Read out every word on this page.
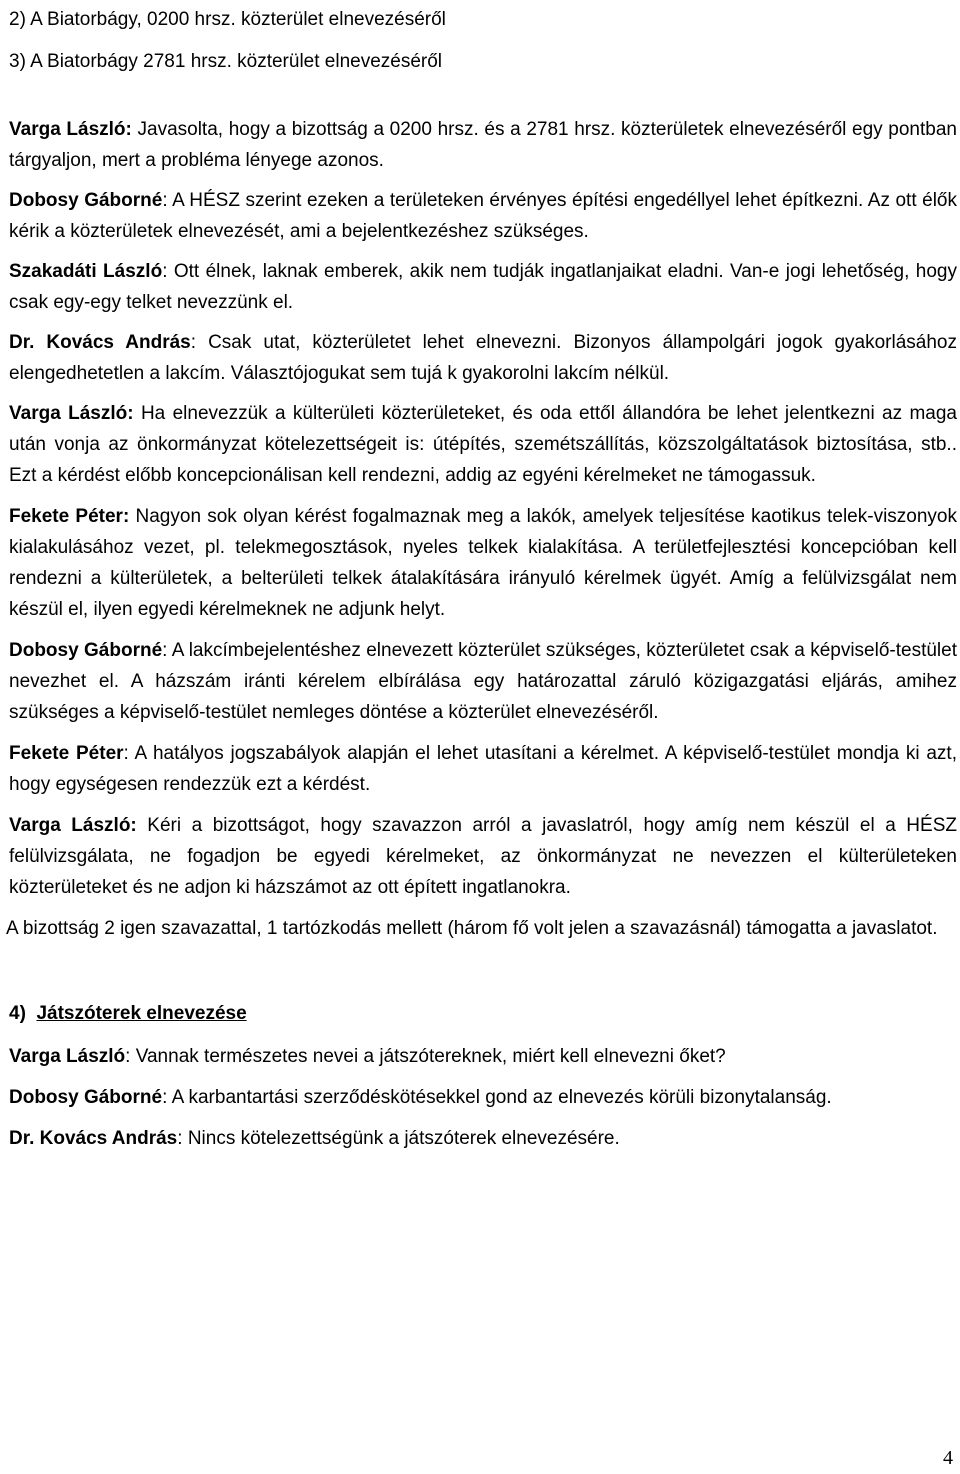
2) A Biatorbágy, 0200 hrsz. közterület elnevezéséről

3) A Biatorbágy 2781 hrsz. közterület elnevezéséről

Varga László: Javasolta, hogy a bizottság a 0200 hrsz. és a 2781 hrsz. közterületek elnevezéséről egy pontban tárgyaljon, mert a probléma lényege azonos.

Dobosy Gáborné: A HÉSZ szerint ezeken a területeken érvényes építési engedéllyel lehet építkezni. Az ott élők kérik a közterületek elnevezését, ami a bejelentkezéshez szükséges.

Szakadáti László: Ott élnek, laknak emberek, akik nem tudják ingatlanjaikat eladni. Van-e jogi lehetőség, hogy csak egy-egy telket nevezzünk el.

Dr. Kovács András: Csak utat, közterületet lehet elnevezni. Bizonyos állampolgári jogok gyakorlásához elengedhetetlen a lakcím. Választójogukat sem tujá k gyakorolni lakcím nélkül.

Varga László: Ha elnevezzük a külterületi közterületeket, és oda ettől állandóra be lehet jelentkezni az maga után vonja az önkormányzat kötelezettségeit is: útépítés, szemétszállítás, közszolgáltatások biztosítása, stb.. Ezt a kérdést előbb koncepcionálisan kell rendezni, addig az egyéni kérelmeket ne támogassuk.

Fekete Péter: Nagyon sok olyan kérést fogalmaznak meg a lakók, amelyek teljesítése kaotikus telek-viszonyok kialakulásához vezet, pl. telekmegosztások, nyeles telkek kialakítása. A területfejlesztési koncepcióban kell rendezni a külterületek, a belterületi telkek átalakítására irányuló kérelmek ügyét. Amíg a felülvizsgálat nem készül el, ilyen egyedi kérelmeknek ne adjunk helyt.

Dobosy Gáborné: A lakcímbejelentéshez elnevezett közterület szükséges, közterületet csak a képviselő-testület nevezhet el. A házszám iránti kérelem elbírálása egy határozattal záruló közigazgatási eljárás, amihez szükséges a képviselő-testület nemleges döntése a közterület elnevezéséről.

Fekete Péter: A hatályos jogszabályok alapján el lehet utasítani a kérelmet. A képviselő-testület mondja ki azt, hogy egységesen rendezzük ezt a kérdést.

Varga László: Kéri a bizottságot, hogy szavazzon arról a javaslatról, hogy amíg nem készül el a HÉSZ felülvizsgálata, ne fogadjon be egyedi kérelmeket, az önkormányzat ne nevezzen el külterületeken közterületeket és ne adjon ki házszámot az ott épített ingatlanokra.

A bizottság 2 igen szavazattal, 1 tartózkodás mellett (három fő volt jelen a szavazásnál) támogatta a javaslatot.

4) Játszóterek elnevezése

Varga László: Vannak természetes nevei a játszótereknek, miért kell elnevezni őket?

Dobosy Gáborné: A karbantartási szerződéskötésekkel gond az elnevezés körüli bizonytalanság.

Dr. Kovács András: Nincs kötelezettségünk a játszóterek elnevezésére.

4
